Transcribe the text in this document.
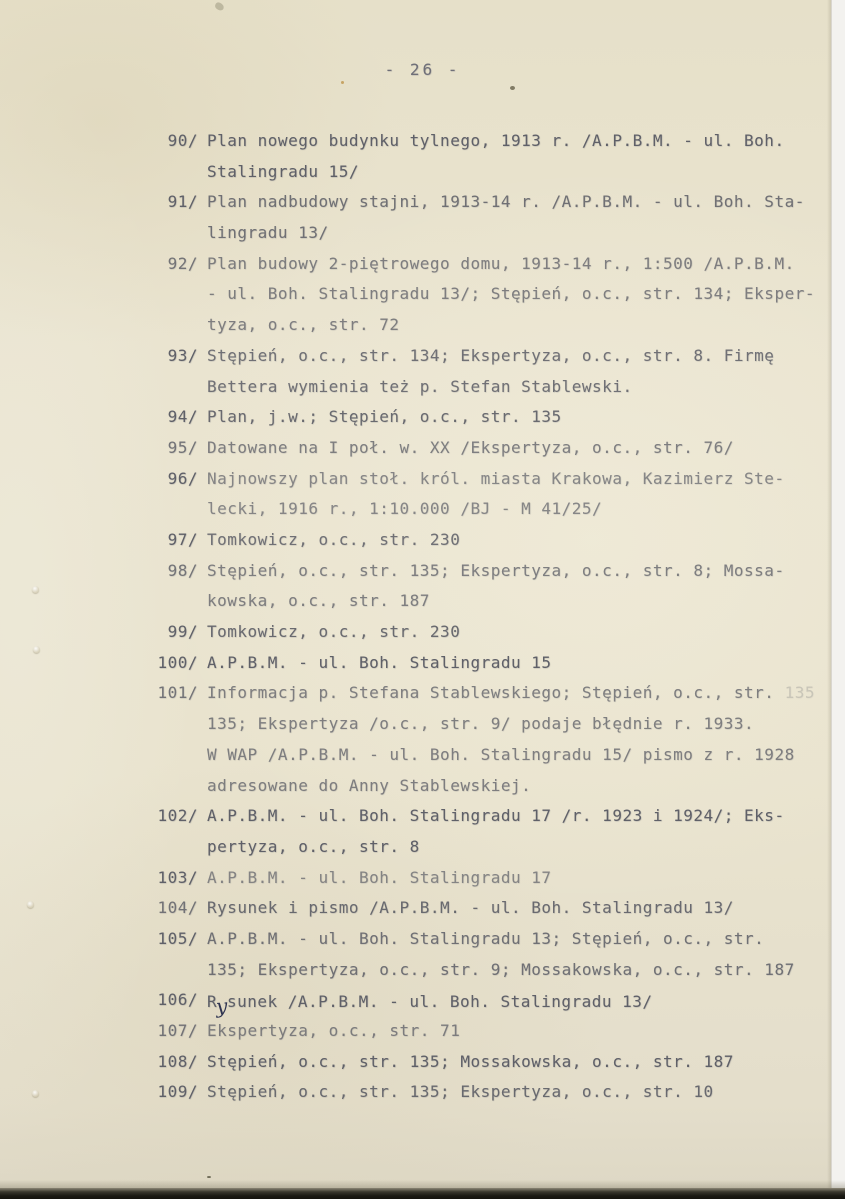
- 26 -
90/ Plan nowego budynku tylnego, 1913 r. /A.P.B.M. - ul. Boh.
Stalingradu 15/
91/ Plan nadbudowy stajni, 1913-14 r. /A.P.B.M. - ul. Boh. Sta-
lingradu 13/
92/ Plan budowy 2-piętrowego domu, 1913-14 r., 1:500 /A.P.B.M.
- ul. Boh. Stalingradu 13/; Stępień, o.c., str. 134; Eksper-
tyza, o.c., str. 72
93/ Stępień, o.c., str. 134; Ekspertyza, o.c., str. 8. Firmę
Bettera wymienia też p. Stefan Stablewski.
94/ Plan, j.w.; Stępień, o.c., str. 135
95/ Datowane na I poł. w. XX /Ekspertyza, o.c., str. 76/
96/ Najnowszy plan stoł. król. miasta Krakowa, Kazimierz Ste-
lecki, 1916 r., 1:10.000 /BJ - M 41/25/
97/ Tomkowicz, o.c., str. 230
98/ Stępień, o.c., str. 135; Ekspertyza, o.c., str. 8; Mossa-
kowska, o.c., str. 187
99/ Tomkowicz, o.c., str. 230
100/ A.P.B.M. - ul. Boh. Stalingradu 15
101/ Informacja p. Stefana Stablewskiego; Stępień, o.c., str. 135
135; Ekspertyza /o.c., str. 9/ podaje błędnie r. 1933.
W WAP /A.P.B.M. - ul. Boh. Stalingradu 15/ pismo z r. 1928
adresowane do Anny Stablewskiej.
102/ A.P.B.M. - ul. Boh. Stalingradu 17 /r. 1923 i 1924/; Eks-
pertyza, o.c., str. 8
103/ A.P.B.M. - ul. Boh. Stalingradu 17
104/ Rysunek i pismo /A.P.B.M. - ul. Boh. Stalingradu 13/
105/ A.P.B.M. - ul. Boh. Stalingradu 13; Stępień, o.c., str.
135; Ekspertyza, o.c., str. 9; Mossakowska, o.c., str. 187
106/ Rysunek /A.P.B.M. - ul. Boh. Stalingradu 13/
107/ Ekspertyza, o.c., str. 71
108/ Stępień, o.c., str. 135; Mossakowska, o.c., str. 187
109/ Stępień, o.c., str. 135; Ekspertyza, o.c., str. 10
